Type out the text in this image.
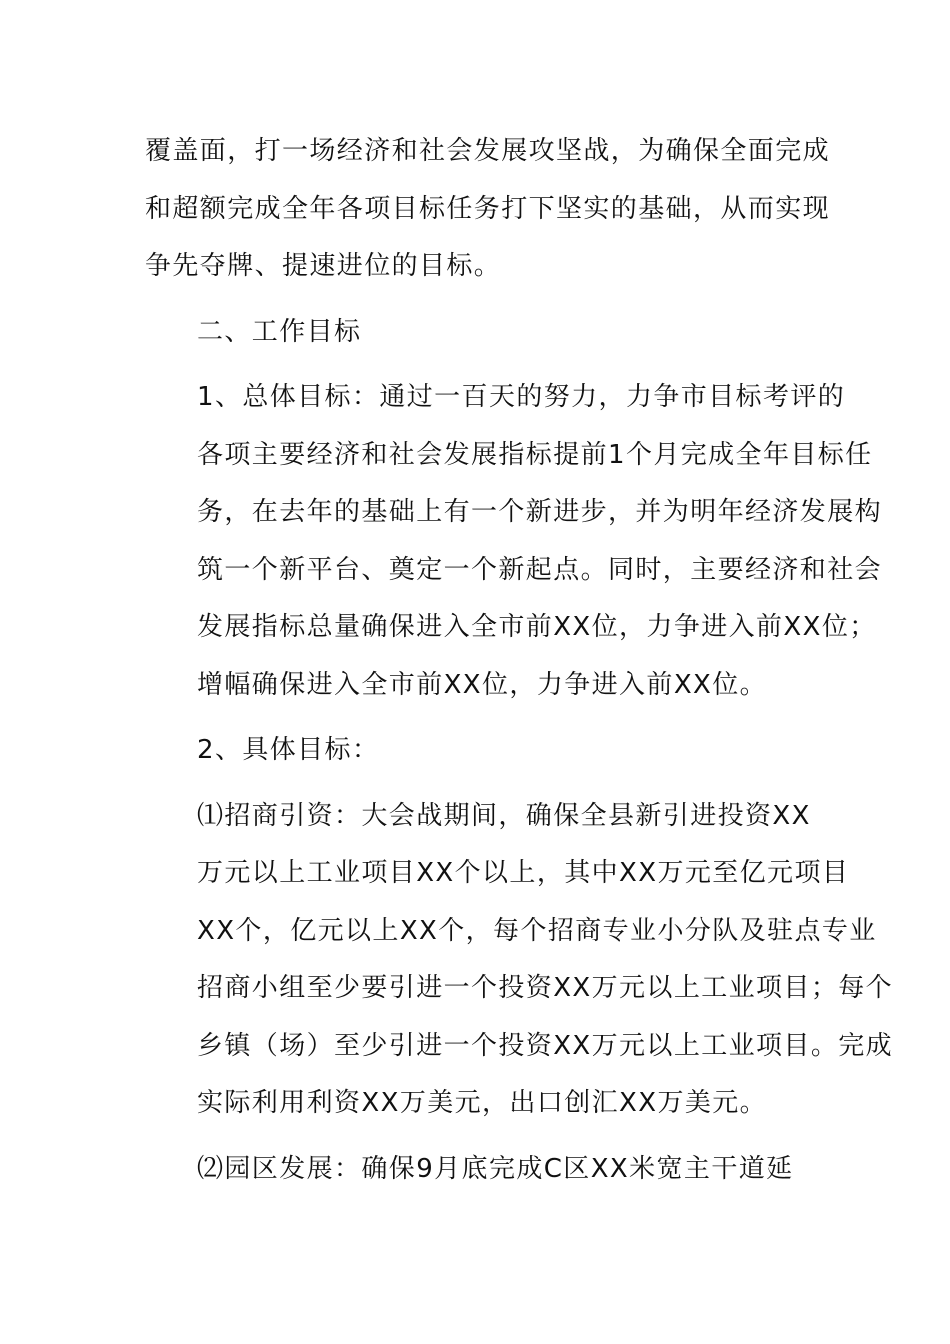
覆盖面，打一场经济和社会发展攻坚战，为确保全面完成
和超额完成全年各项目标任务打下坚实的基础，从而实现
争先夺牌、提速进位的目标。

二、工作目标

1、总体目标：通过一百天的努力，力争市目标考评的
各项主要经济和社会发展指标提前1个月完成全年目标任
务，在去年的基础上有一个新进步，并为明年经济发展构
筑一个新平台、奠定一个新起点。同时，主要经济和社会
发展指标总量确保进入全市前XX位，力争进入前XX位；
增幅确保进入全市前XX位，力争进入前XX位。

2、具体目标：

⑴招商引资：大会战期间，确保全县新引进投资XX
万元以上工业项目XX个以上，其中XX万元至亿元项目
XX个，亿元以上XX个，每个招商专业小分队及驻点专业
招商小组至少要引进一个投资XX万元以上工业项目；每个
乡镇（场）至少引进一个投资XX万元以上工业项目。完成
实际利用利资XX万美元，出口创汇XX万美元。

⑵园区发展：确保9月底完成C区XX米宽主干道延
